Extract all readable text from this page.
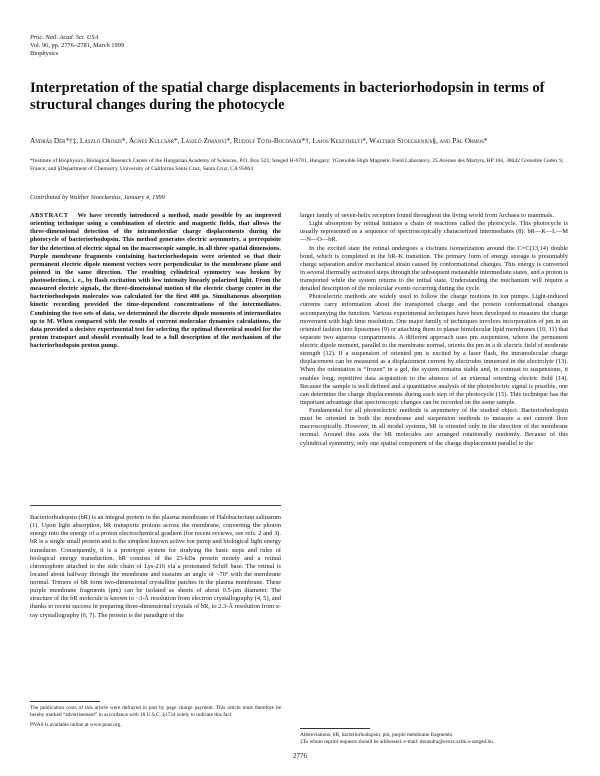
Proc. Natl. Acad. Sci. USA
Vol. 96, pp. 2776–2781, March 1999
Biophysics
Interpretation of the spatial charge displacements in bacteriorhodopsin in terms of structural changes during the photocycle
András Dér*†‡, László Oroszi*, Ágnes Kulcsár*, László Zimányi*, Rudolf Tóth-Boconádi*†, Lajos Keszthelyi*, Walther Stoeckenius§, and Pál Ormos*
*Institute of Biophysics, Biological Research Center of the Hungarian Academy of Sciences, P.O. Box 521, Szeged H-6701, Hungary; †Grenoble High Magnetic Field Laboratory, 25 Avenue des Martyrs, BP 166, 38042 Grenoble Cedex 9, France; and §Department of Chemistry, University of California Santa Cruz, Santa Cruz, CA 95064
Contributed by Walther Stoeckenius, January 4, 1999

ABSTRACT We have recently introduced a method, made possible by an improved orienting technique using a combination of electric and magnetic fields, that allows the three-dimensional detection of the intramolecular charge displacements during the photocycle of bacteriorhodopsin. This method generates electric asymmetry, a prerequisite for the detection of electric signal on the macroscopic sample, in all three spatial dimensions. Purple membrane fragments containing bacteriorhodopsin were oriented so that their permanent electric dipole moment vectors were perpendicular to the membrane plane and pointed in the same direction. The resulting cylindrical symmetry was broken by photoselection, i. e., by flash excitation with low intensity linearly polarized light. From the measured electric signals, the three-dimensional motion of the electric charge center in the bacteriorhodopsin molecules was calculated for the first 400 μs. Simultaneous absorption kinetic recording provided the time-dependent concentrations of the intermediates. Combining the two sets of data, we determined the discrete dipole moments of intermediates up to M. When compared with the results of current molecular dynamics calculations, the data provided a decisive experimental test for selecting the optimal theoretical model for the proton transport and should eventually lead to a full description of the mechanism of the bacteriorhodopsin proton pump.

Bacteriorhodopsin (bR) is an integral protein in the plasma membrane of Halobacterium salinarum (1). Upon light absorption, bR transports protons across the membrane, converting the photon energy into the energy of a proton electrochemical gradient (for recent reviews, see refs. 2 and 3). bR is a single small protein and is the simplest known active ion pump and biological light energy transducer. Consequently, it is a prototype system for studying the basic steps and rules of biological energy transduction. bR consists of the 23-kDa protein moiety and a retinal chromophore attached to the side chain of Lys-216 via a protonated Schiff base. The retinal is located about halfway through the membrane and sustains an angle of ~70° with the membrane normal. Trimers of bR form two-dimensional crystalline patches in the plasma membrane. These purple membrane fragments (pm) can be isolated as sheets of about 0.5-μm diameter. The structure of the bR molecule is known to ~3-Å resolution from electron crystallography (4, 5), and thanks to recent success in preparing three-dimensional crystals of bR, to 2.3-Å resolution from x-ray crystallography (6, 7). The protein is the paradigm of the

larger family of seven-helix receptors found throughout the living world from Archaea to mammals.

Light absorption by retinal initiates a chain of reactions called the photocycle. This photocycle is usually represented as a sequence of spectroscopically characterized intermediates (8): bR—K—L—M—N—O—bR.

In the excited state the retinal undergoes a cis/trans isomerization around the C=C(13,14) double bond, which is completed in the bR–K transition. The primary form of energy storage is presumably charge separation and/or mechanical strain caused by conformational changes. This energy is converted in several thermally activated steps through the subsequent metastable intermediate states, and a proton is transported while the system returns to the initial state. Understanding the mechanism will require a detailed description of the molecular events occurring during the cycle.

Photoelectric methods are widely used to follow the charge motions in ion pumps. Light-induced currents carry information about the transported charge and the protein conformational changes accompanying the function. Various experimental techniques have been developed to measure the charge movement with high time resolution. One major family of techniques involves incorporation of pm in an oriented fashion into liposomes (9) or attaching them to planar bimolecular lipid membranes (10, 11) that separate two aqueous compartments. A different approach uses pm suspension, where the permanent electric dipole moment, parallel to the membrane normal, orients the pm in a dc electric field of moderate strength (12). If a suspension of oriented pm is excited by a laser flash, the intramolecular charge displacement can be measured as a displacement current by electrodes immersed in the electrolyte (13). When the orientation is “frozen” in a gel, the system remains stable and, in contrast to suspensions, it enables long, repetitive data acquisition in the absence of an external orienting electric field (14). Because the sample is well defined and a quantitative analysis of the photoelectric signal is possible, one can determine the charge displacements during each step of the photocycle (15). This technique has the important advantage that spectroscopic changes can be recorded on the same sample.

Fundamental for all photoelectric methods is asymmetry of the studied object. Bacteriorhodopsin must be oriented in both the membrane and suspension methods to measure a net current flow macroscopically. However, in all model systems, bR is oriented only in the direction of the membrane normal. Around this axis the bR molecules are arranged rotationally randomly. Because of this cylindrical symmetry, only one spatial component of the charge displacement parallel to the

The publication costs of this article were defrayed in part by page charge payment. This article must therefore be hereby marked “advertisement” in accordance with 18 U.S.C. §1734 solely to indicate this fact.

PNAS is available online at www.pnas.org.

Abbreviations: bR, bacteriorhodopsin; pm, purple membrane fragments.

‡To whom reprint requests should be addressed. e-mail: derandra@everx.szbk.u-szeged.hu.

2776
